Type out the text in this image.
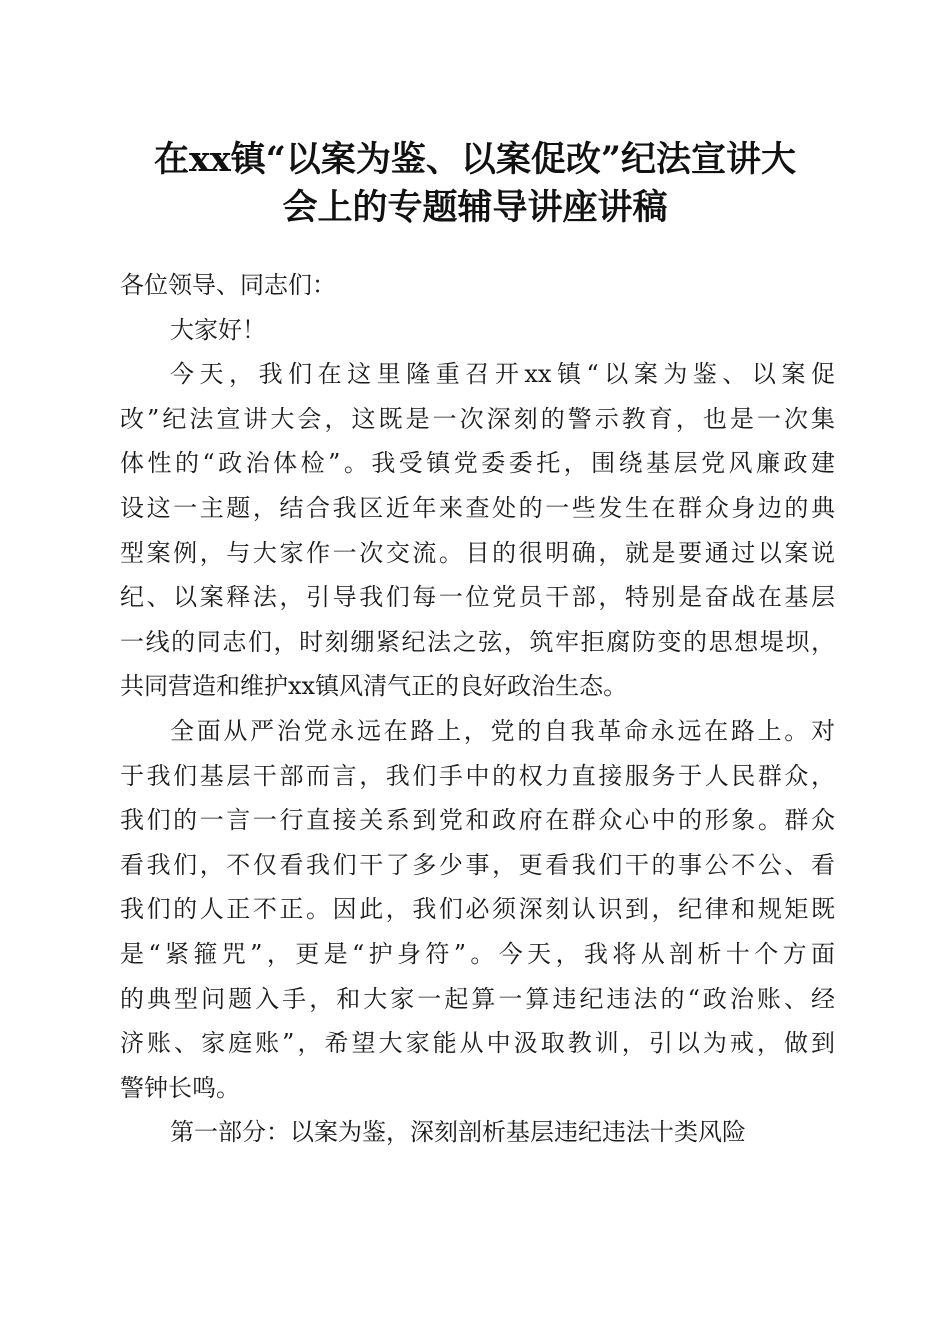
在xx镇“以案为鉴、以案促改”纪法宣讲大
会上的专题辅导讲座讲稿
各位领导、同志们：
大家好！
今天，我们在这里隆重召开xx镇“以案为鉴、以案促
改”纪法宣讲大会，这既是一次深刻的警示教育，也是一次集
体性的“政治体检”。我受镇党委委托，围绕基层党风廉政建
设这一主题，结合我区近年来查处的一些发生在群众身边的典
型案例，与大家作一次交流。目的很明确，就是要通过以案说
纪、以案释法，引导我们每一位党员干部，特别是奋战在基层
一线的同志们，时刻绷紧纪法之弦，筑牢拒腐防变的思想堤坝，
共同营造和维护xx镇风清气正的良好政治生态。
全面从严治党永远在路上，党的自我革命永远在路上。对
于我们基层干部而言，我们手中的权力直接服务于人民群众，
我们的一言一行直接关系到党和政府在群众心中的形象。群众
看我们，不仅看我们干了多少事，更看我们干的事公不公、看
我们的人正不正。因此，我们必须深刻认识到，纪律和规矩既
是“紧箍咒”，更是“护身符”。今天，我将从剖析十个方面
的典型问题入手，和大家一起算一算违纪违法的“政治账、经
济账、家庭账”，希望大家能从中汲取教训，引以为戒，做到
警钟长鸣。
第一部分：以案为鉴，深刻剖析基层违纪违法十类风险
